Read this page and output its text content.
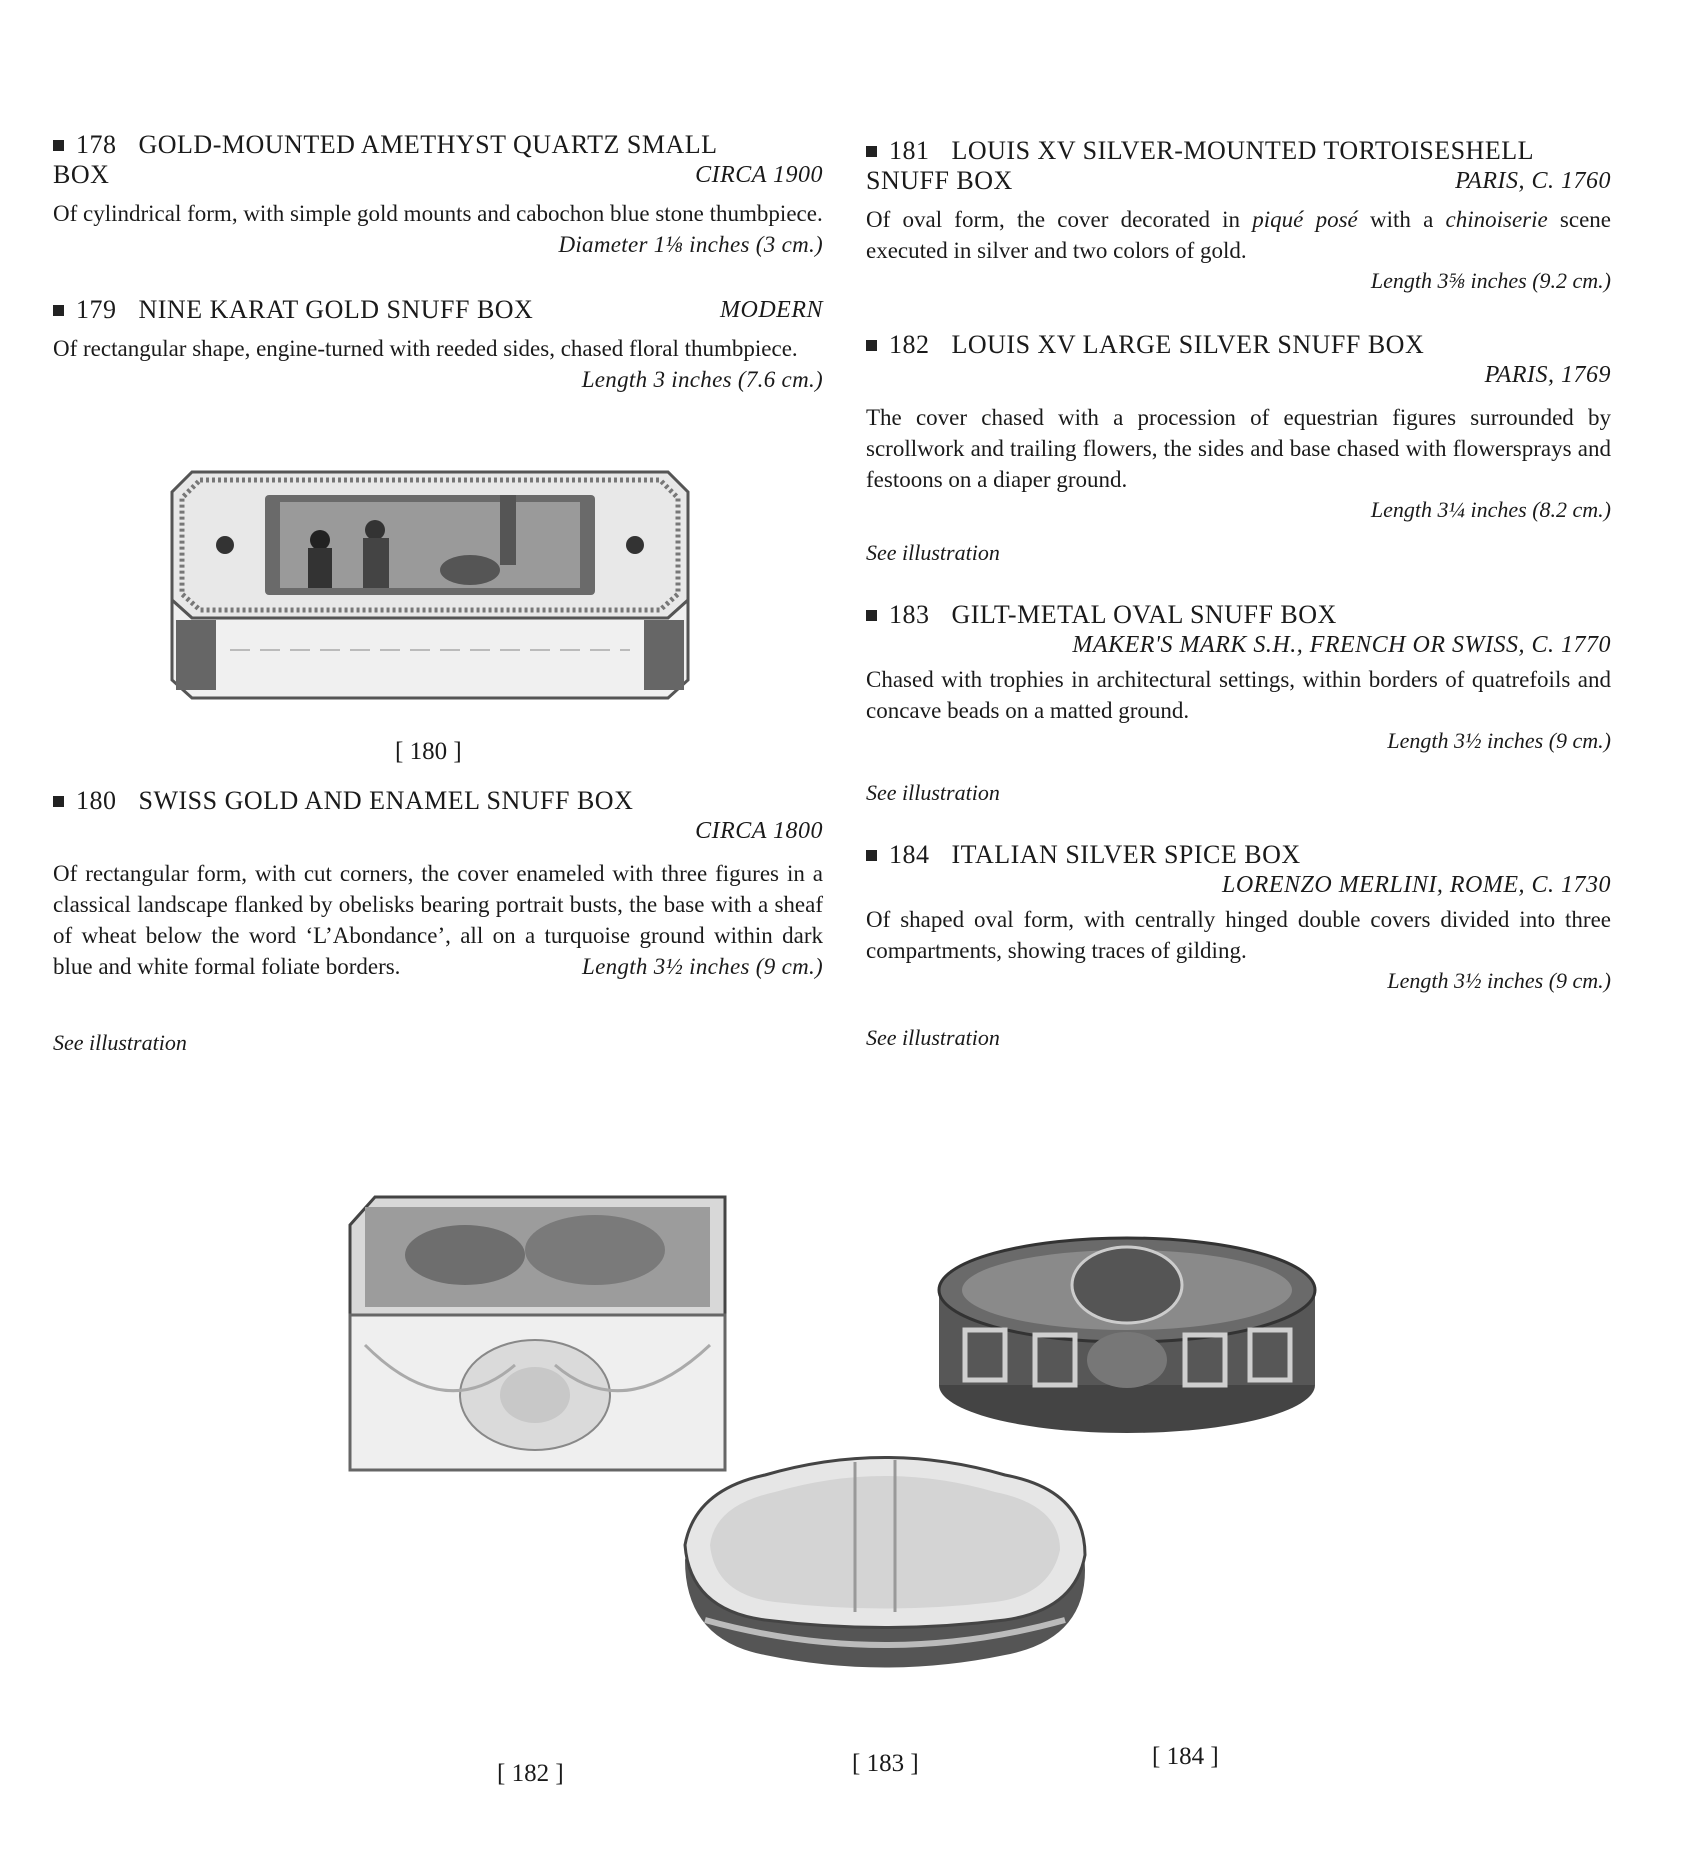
178 GOLD-MOUNTED AMETHYST QUARTZ SMALL
BOX	CIRCA 1900
Of cylindrical form, with simple gold mounts and cabochon blue stone thumbpiece.
Diameter 1⅛ inches (3 cm.)
179 NINE KARAT GOLD SNUFF BOX	MODERN
Of rectangular shape, engine-turned with reeded sides, chased floral thumbpiece.
Length 3 inches (7.6 cm.)
[ 180 ]
180 SWISS GOLD AND ENAMEL SNUFF BOX
CIRCA 1800
Of rectangular form, with cut corners, the cover enameled with three figures in a classical landscape flanked by obelisks bearing portrait busts, the base with a sheaf of wheat below the word ‘L’Abondance’, all on a turquoise ground within dark blue and white formal foliate borders.	Length 3½ inches (9 cm.)
See illustration
181 LOUIS XV SILVER-MOUNTED TORTOISESHELL
SNUFF BOX	PARIS, C. 1760
Of oval form, the cover decorated in piqué posé with a chinoiserie scene executed in silver and two colors of gold.
Length 3⅝ inches (9.2 cm.)
182 LOUIS XV LARGE SILVER SNUFF BOX
PARIS, 1769
The cover chased with a procession of equestrian figures surrounded by scrollwork and trailing flowers, the sides and base chased with flowersprays and festoons on a diaper ground.
Length 3¼ inches (8.2 cm.)
See illustration
183 GILT-METAL OVAL SNUFF BOX
MAKER'S MARK S.H., FRENCH OR SWISS, C. 1770
Chased with trophies in architectural settings, within borders of quatrefoils and concave beads on a matted ground.
Length 3½ inches (9 cm.)
See illustration
184 ITALIAN SILVER SPICE BOX
LORENZO MERLINI, ROME, C. 1730
Of shaped oval form, with centrally hinged double covers divided into three compartments, showing traces of gilding.
Length 3½ inches (9 cm.)
See illustration
[ 182 ]	[ 183 ]	[ 184 ]
